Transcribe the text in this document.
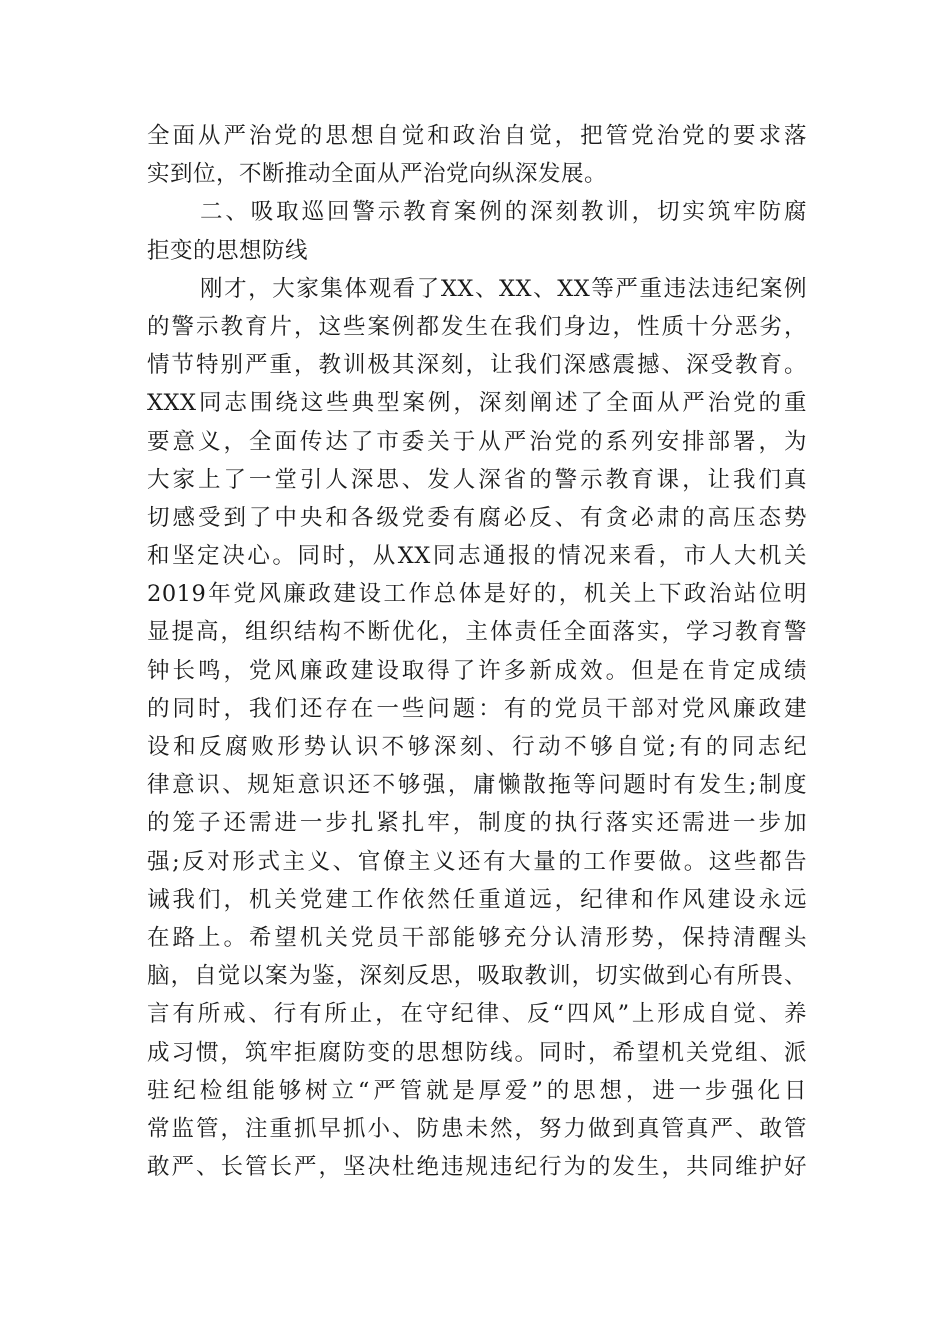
全面从严治党的思想自觉和政治自觉，把管党治党的要求落
实到位，不断推动全面从严治党向纵深发展。
二、吸取巡回警示教育案例的深刻教训，切实筑牢防腐
拒变的思想防线
刚才，大家集体观看了XX、XX、XX等严重违法违纪案例
的警示教育片，这些案例都发生在我们身边，性质十分恶劣，
情节特别严重，教训极其深刻，让我们深感震撼、深受教育。
XXX同志围绕这些典型案例，深刻阐述了全面从严治党的重
要意义，全面传达了市委关于从严治党的系列安排部署，为
大家上了一堂引人深思、发人深省的警示教育课，让我们真
切感受到了中央和各级党委有腐必反、有贪必肃的高压态势
和坚定决心。同时，从XX同志通报的情况来看，市人大机关
2019年党风廉政建设工作总体是好的，机关上下政治站位明
显提高，组织结构不断优化，主体责任全面落实，学习教育警
钟长鸣，党风廉政建设取得了许多新成效。但是在肯定成绩
的同时，我们还存在一些问题：有的党员干部对党风廉政建
设和反腐败形势认识不够深刻、行动不够自觉;有的同志纪
律意识、规矩意识还不够强，庸懒散拖等问题时有发生;制度
的笼子还需进一步扎紧扎牢，制度的执行落实还需进一步加
强;反对形式主义、官僚主义还有大量的工作要做。这些都告
诫我们，机关党建工作依然任重道远，纪律和作风建设永远
在路上。希望机关党员干部能够充分认清形势，保持清醒头
脑，自觉以案为鉴，深刻反思，吸取教训，切实做到心有所畏、
言有所戒、行有所止，在守纪律、反“四风”上形成自觉、养
成习惯，筑牢拒腐防变的思想防线。同时，希望机关党组、派
驻纪检组能够树立“严管就是厚爱”的思想，进一步强化日
常监管，注重抓早抓小、防患未然，努力做到真管真严、敢管
敢严、长管长严，坚决杜绝违规违纪行为的发生，共同维护好
